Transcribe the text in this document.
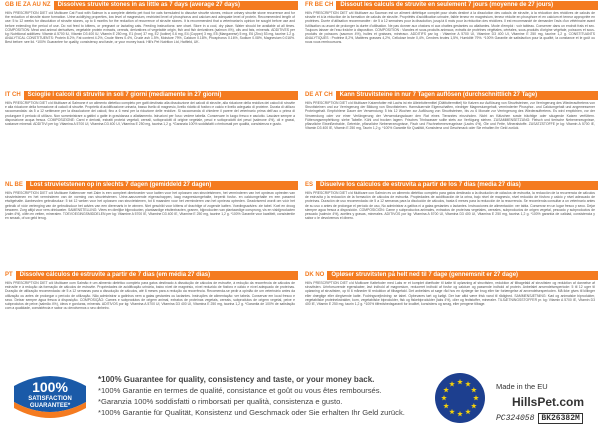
GB IE ZA AU NZ	Dissolves struvite stones in as little as 7 days (average 27 days)
Hill's PRESCRIPTION DIET c/d Multicare Cat Food with Salmon is a complete dietetic pet food for cats formulated to dissolve struvite stones, reduce urinary struvite stone recurrence and for the reduction of struvite stone formation. Urine acidifying properties, low level of magnesium, restricted level of phosphorus and calcium and adequate level of protein. Recommended length of use: 5 to 12 weeks for dissolution of struvite stones, up to 6 months for the reduction of recurrence of struvite stones. It is recommended that a veterinarian's opinion be sought before use and before extending the period of use. Do not feed to kittens, or pregnant or lactating cats. Feeding instructions: see chart. Store in a cool, dry place. Water should be available at all times. COMPOSITION: Meat and animal derivatives, vegetable protein extracts, cereals, derivatives of vegetable origin, fish and fish derivatives (salmon 4%), oils and fats, minerals. ADDITIVES per kg: Nutritional additives: Vitamin A 5700 IU, Vitamin D3 400 IU, Vitamin E 250 mg, E1 (Iron) 37 mg, E2 (Iodine) 0.6 mg, E4 (Copper) 3 mg, E5 (Manganese) 5 mg, E6 (Zinc) 53 mg, taurine 1.2 g. ANALYTICAL CONSTITUENTS: Protein 8.2%, Fat content 4.2%, Crude fibres 0.4%, Crude ash 1.5%, Moisture 79%, Calcium 0.18%, Phosphorus 0.16%, Sodium 0.08%, Magnesium 0.016%. Best before: see lid. *100% Guarantee for quality, consistency and taste, or your money back. Hill's Pet Nutrition Ltd, Hatfield, UK.
FR BE CH	Dissout les calculs de struvite en seulement 7 jours (moyenne de 27 jours)
Hill's PRESCRIPTION DIET c/d Multicare au Saumon est un aliment diététique complet pour chats destiné à la dissolution des calculs de struvite, à la réduction des récidives de calculs de struvite et à la réduction de la formation de calculs de struvite. Propriétés d'acidification urinaire, faible teneur en magnésium, teneur réduite en phosphore et en calcium et teneur appropriée en protéines. Durée d'utilisation recommandée : de 5 à 12 semaines pour la dissolution, jusqu'à 6 mois pour la réduction des récidives. Il est recommandé de demander l'avis d'un vétérinaire avant l'utilisation ou avant de prolonger la durée d'utilisation. Ne pas donner aux chatons ni aux chattes gestantes ou allaitantes. Mode d'emploi : voir tableau. Conserver dans un endroit frais et sec. Toujours laisser de l'eau fraîche à disposition. COMPOSITION : Viandes et sous-produits animaux, extraits de protéines végétales, céréales, sous-produits d'origine végétale, poissons et sous-produits de poissons (saumon 4%), huiles et graisses, minéraux. ADDITIFS par kg : Vitamine A 5700 UI, Vitamine D3 400 UI, Vitamine E 250 mg, taurine 1,2 g. CONSTITUANTS ANALYTIQUES : Protéine 8,2%, Matières grasses 4,2%, Cellulose brute 0,4%, Cendres brutes 1,5%, Humidité 79%. *100% Garantie de satisfaction pour la qualité, la constance et le goût ou nous vous remboursons.
IT CH	Scioglie i calcoli di struvite in soli 7 giorni (mediamente in 27 giorni)
Hill's PRESCRIPTION DIET c/d Multicare al Salmone è un alimento dietetico completo per gatti destinato alla dissoluzione dei calcoli di struvite, alla riduzione della recidiva dei calcoli di struvite e alla riduzione della formazione di calcoli di struvite. Proprietà di acidificazione urinaria, basso livello di magnesio, livello ridotto di fosforo e calcio e livello adeguato di proteine. Durata di utilizzo raccomandata: da 5 a 12 settimane per la dissoluzione dei calcoli, fino a 6 mesi per la riduzione delle recidive. Si raccomanda di chiedere il parere del veterinario prima dell'uso o prima di prolungare il periodo di utilizzo. Non somministrare a gattini o gatte in gravidanza o allattamento. Istruzioni per l'uso: vedere tabella. Conservare in luogo fresco e asciutto. Lasciare sempre a disposizione acqua fresca. COMPOSIZIONE: Carni e derivati, estratti proteici vegetali, cereali, sottoprodotti di origine vegetale, pesci e sottoprodotti dei pesci (salmone 4%), oli e grassi, sostanze minerali. ADDITIVI per kg: Vitamina A 5700 UI, Vitamina D3 400 UI, Vitamina E 250 mg, taurina 1,2 g. *Garanzia 100% soddisfatti o rimborsati per qualità, consistenza e gusto.
DE AT CH	Kann Struvitsteine in nur 7 Tagen auflösen (durchschnittlich 27 Tage)
Hill's PRESCRIPTION DIET c/d Multicare Katzenfutter mit Lachs ist ein Alleinfuttermittel (Diätfuttermittel) für Katzen zur Auflösung von Struvitsteinen, zur Verringerung des Wiederauftretens von Struvitsteinen und zur Verringerung der Bildung von Struvitsteinen. Harnsäuernde Eigenschaften, niedriger Magnesiumgehalt, verminderter Phosphor- und Calciumgehalt und angemessener Proteingehalt. Empfohlene Dauer der Verwendung: 5 bis 12 Wochen zur Auflösung von Struvitsteinen, bis zu 6 Monate zur Verringerung des Wiederauftretens. Es wird empfohlen, vor der Verwendung oder vor einer Verlängerung der Verwendungsdauer den Rat eines Tierarztes einzuholen. Nicht an Kätzchen sowie trächtige oder säugende Katzen verfüttern. Fütterungsempfehlung: siehe Tabelle. Kühl und trocken lagern. Frisches Trinkwasser sollte stets zur Verfügung stehen. ZUSAMMENSETZUNG: Fleisch und tierische Nebenerzeugnisse, pflanzliche Eiweißextrakte, Getreide, pflanzliche Nebenerzeugnisse, Fisch und Fischnebenerzeugnisse (Lachs 4%), Öle und Fette, Mineralstoffe. ZUSATZSTOFFE je kg: Vitamin A 5700 IE, Vitamin D3 400 IE, Vitamin E 250 mg, Taurin 1,2 g. *100% Garantie für Qualität, Konsistenz und Geschmack oder Sie erhalten Ihr Geld zurück.
NL BE	Lost struvietstenen op in slechts 7 dagen (gemiddeld 27 dagen)
Hill's PRESCRIPTION DIET c/d Multicare Kattenvoer met Zalm is een compleet dieetvoeder voor katten voor het oplossen van struvietstenen, het verminderen van het opnieuw optreden van struvietstenen en het verminderen van de vorming van struvietstenen. Urine-aanzurende eigenschappen, laag magnesiumgehalte, beperkt fosfor- en calciumgehalte en een passend eiwitgehalte. Aanbevolen gebruiksduur: 5 tot 12 weken voor het oplossen van struvietstenen, tot 6 maanden voor het verminderen van het opnieuw optreden. Geadviseerd wordt om vóór het gebruik of vóór verlenging van de gebruiksduur het advies van een dierenarts in te winnen. Niet geschikt voor kittens of drachtige of zogende katten. Voedingsadvies: zie tabel. Koel en droog bewaren. Zorg altijd voor vers drinkwater. SAMENSTELLING: Vlees en dierlijke bijproducten, plantaardige eiwitextracten, granen, bijproducten van plantaardige oorsprong, vis en visbijproducten (zalm 4%), oliën en vetten, mineralen. TOEVOEGINGSMIDDELEN per kg: Vitamine A 5700 IE, Vitamine D3 400 IE, Vitamine E 250 mg, taurine 1,2 g. *100% Garantie voor kwaliteit, consistentie en smaak, of uw geld terug.
ES	Disuelve los cálculos de estruvita a partir de los 7 días (media 27 días)
Hill's PRESCRIPTION DIET c/d Multicare con Salmón es un alimento dietético completo para gatos destinado a la disolución de cálculos de estruvita, la reducción de la recurrencia de cálculos de estruvita y la reducción de la formación de cálculos de estruvita. Propiedades de acidificación de la orina, bajo nivel de magnesio, nivel reducido de fósforo y calcio y nivel adecuado de proteínas. Duración de uso recomendada: de 5 a 12 semanas para la disolución de cálculos, hasta 6 meses para la reducción de la recurrencia. Se recomienda consultar a un veterinario antes de su uso o antes de prolongar el período de uso. No administrar a gatitos ni a gatas gestantes o lactantes. Instrucciones de alimentación: ver tabla. Conservar en un lugar fresco y seco. Dejar siempre agua fresca a disposición. COMPOSICIÓN: Carne y subproductos animales, extractos de proteínas vegetales, cereales, subproductos de origen vegetal, pescado y subproductos de pescado (salmón 4%), aceites y grasas, minerales. ADITIVOS por kg: Vitamina A 5700 UI, Vitamina D3 400 UI, Vitamina E 250 mg, taurina 1,2 g. *100% garantía de calidad, consistencia y sabor o le devolvemos el dinero.
PT	Dissolve cálculos de estruvite a partir de 7 dias (em média 27 dias)
Hill's PRESCRIPTION DIET c/d Multicare com Salmão é um alimento dietético completo para gatos destinado à dissolução de cálculos de estruvite, à redução da recorrência de cálculos de estruvite e à redução da formação de cálculos de estruvite. Propriedades de acidificação urinária, baixo nível de magnésio, nível reduzido de fósforo e cálcio e nível adequado de proteínas. Duração de utilização recomendada: de 5 a 12 semanas para a dissolução de cálculos, até 6 meses para a redução da recorrência. Recomenda-se pedir a opinião de um veterinário antes da utilização ou antes de prolongar o período de utilização. Não administrar a gatinhos nem a gatas gestantes ou lactantes. Instruções de alimentação: ver tabela. Conservar em local fresco e seco. Deixar sempre água fresca à disposição. COMPOSIÇÃO: Carnes e subprodutos de origem animal, extratos de proteínas vegetais, cereais, subprodutos de origem vegetal, peixe e subprodutos de peixe (salmão 4%), óleos e gorduras, minerais. ADITIVOS por kg: Vitamina A 5700 UI, Vitamina D3 400 UI, Vitamina E 250 mg, taurina 1,2 g. *Garantia de 100% de satisfação com a qualidade, consistência e sabor ou devolvemos o seu dinheiro.
DK NO	Opløser struvitsten på helt ned til 7 dage (gennemsnit er 27 dage)
Hill's PRESCRIPTION DIET c/d Multicare Kattefoder med Laks er et komplet diætfoder til katte til opløsning af struvitsten, reduktion af tilbagefald af struvitsten og reduktion af dannelse af struvitsten. Urinforsurende egenskaber, lavt indhold af magnesium, reduceret indhold af fosfor og calcium og passende indhold af protein. Anbefalet anvendelsesperiode: 5 til 12 uger til opløsning af struvitsten, op til 6 måneder til reduktion af tilbagefald. Det anbefales at søge råd hos en dyrlæge før brug eller før forlængelse af anvendelsesperioden. Må ikke gives til killinger eller drægtige eller diegivende katte. Fodringsvejledning: se tabel. Opbevares tørt og køligt. Der bør altid være frisk vand til rådighed. SAMMENSÆTNING: Kød og animalske biprodukter, vegetabilske proteinekstrakter, korn, vegetabilske biprodukter, fisk og fiskebiprodukter (laks 4%), olier og fedtstoffer, mineraler. TILSÆTNINGSSTOFFER pr. kg: Vitamin A 5700 IE, Vitamin D3 400 IE, Vitamin E 250 mg, taurin 1,2 g. *100% tilfredshedsgaranti for kvalitet, konsistens og smag, eller pengene tilbage.
100%
SATISFACTION
GUARANTEE*
*100% Guarantee for quality, consistency and taste, or your money back.
*100% Garantie en termes de qualité, consistance et goût ou vous êtes remboursés.
*Garanzia 100% soddisfatti o rimborsati per qualità, consistenza e gusto.
*100% Garantie für Qualität, Konsistenz und Geschmack oder Sie erhalten Ihr Geld zurück.
Made in the EU
HillsPet.com
PC324058 BK26382M
